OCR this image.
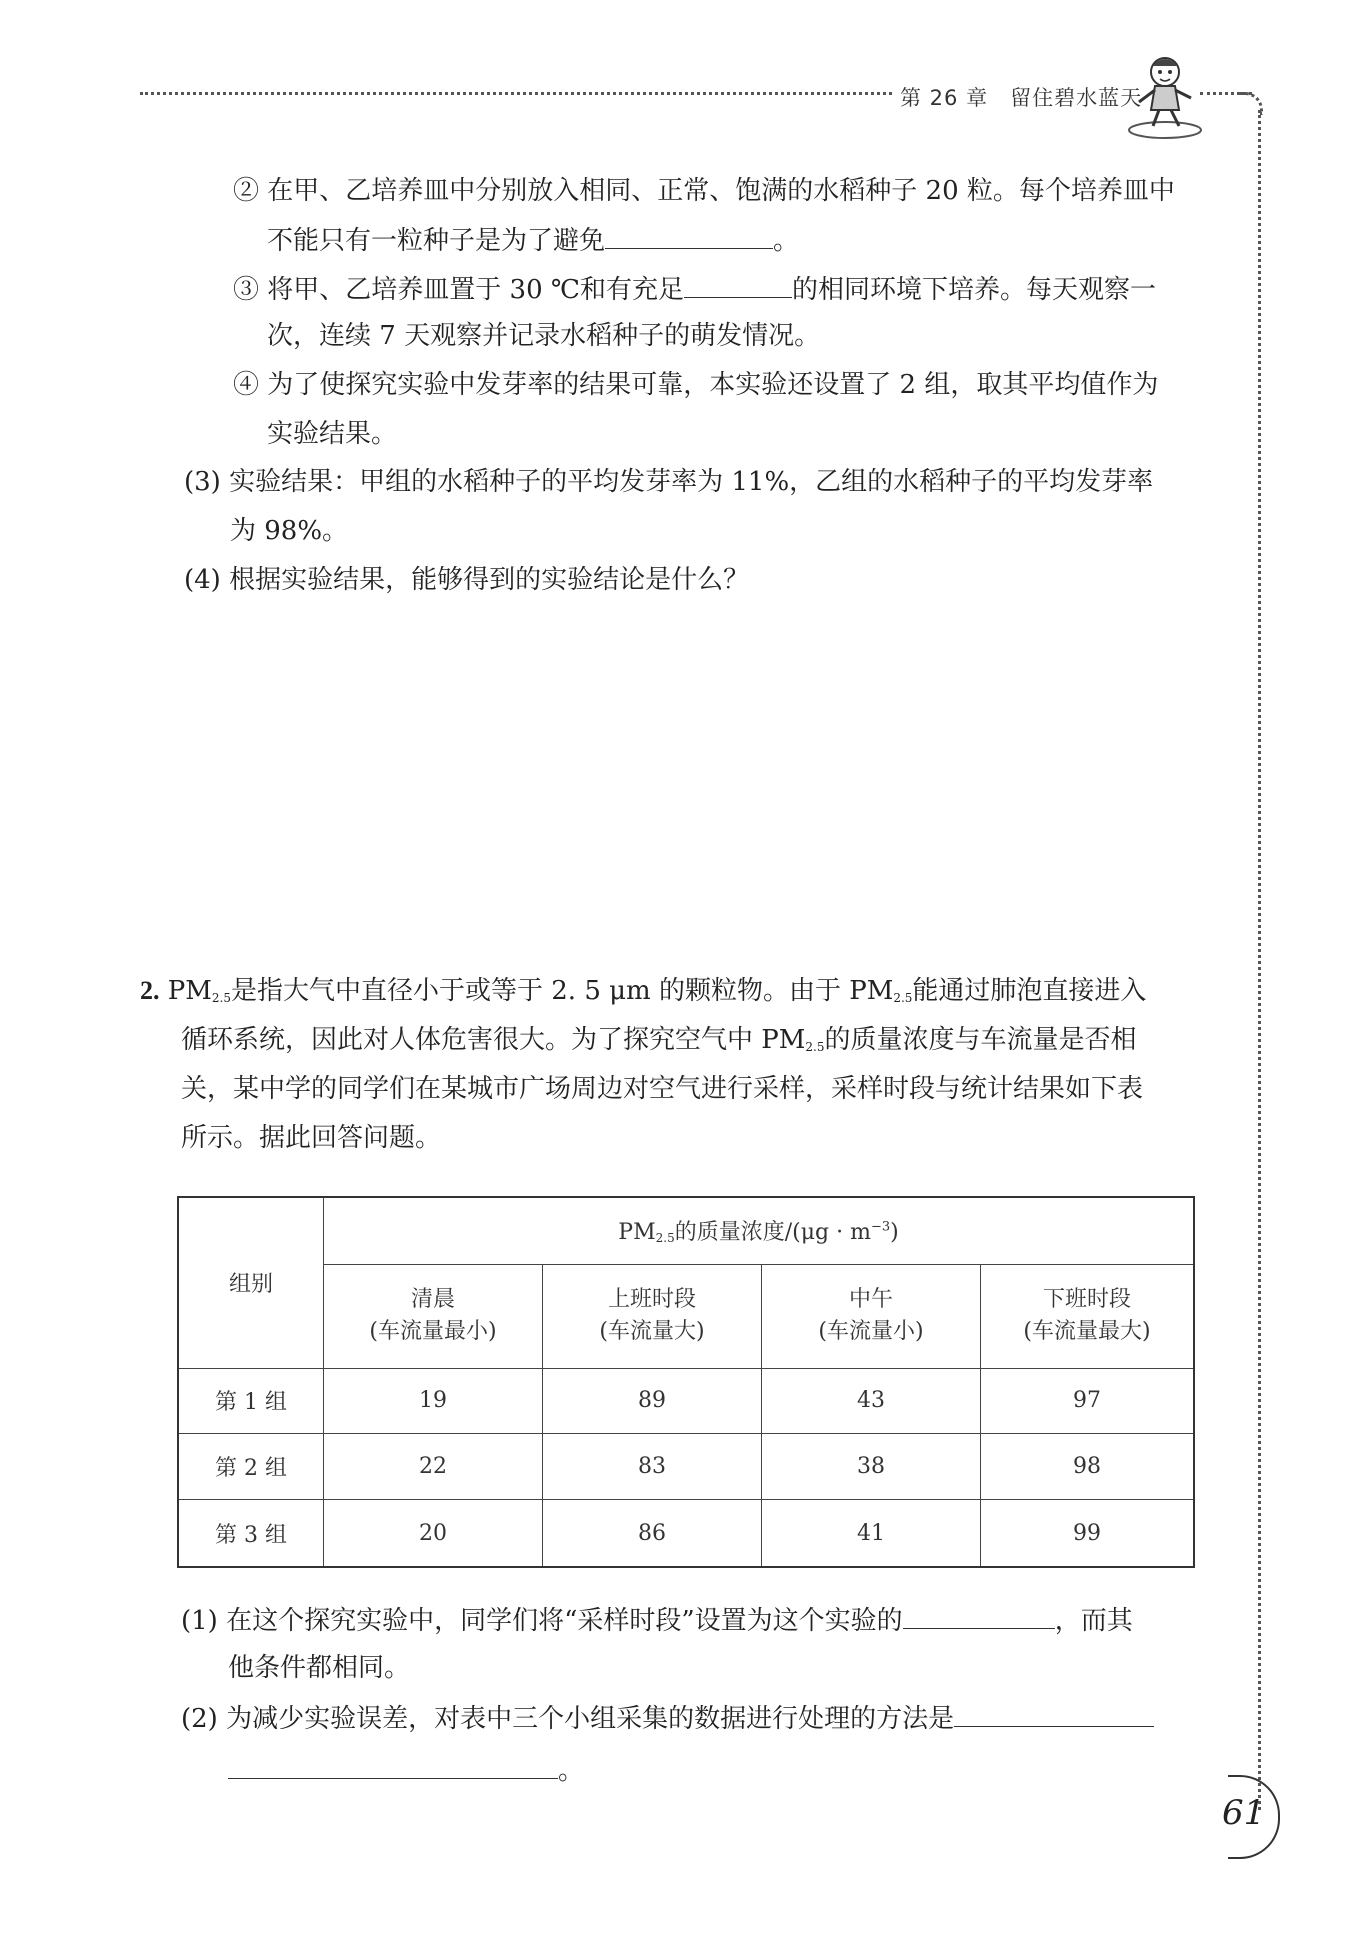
第 26 章 留住碧水蓝天
② 在甲、乙培养皿中分别放入相同、正常、饱满的水稻种子 20 粒。每个培养皿中
不能只有一粒种子是为了避免	。
③ 将甲、乙培养皿置于 30 ℃和有充足	的相同环境下培养。每天观察一
次，连续 7 天观察并记录水稻种子的萌发情况。
④ 为了使探究实验中发芽率的结果可靠，本实验还设置了 2 组，取其平均值作为
实验结果。
(3) 实验结果：甲组的水稻种子的平均发芽率为 11%，乙组的水稻种子的平均发芽率
为 98%。
(4) 根据实验结果，能够得到的实验结论是什么？
2. $PM_{2.5}$是指大气中直径小于或等于 2. 5 μm 的颗粒物。由于 $PM_{2.5}$能通过肺泡直接进入
循环系统，因此对人体危害很大。为了探究空气中 $PM_{2.5}$的质量浓度与车流量是否相
关，某中学的同学们在某城市广场周边对空气进行采样，采样时段与统计结果如下表
所示。据此回答问题。
组别	$PM_{2.5}$的质量浓度$/(\mu g \cdot m^{-3})$			

	清晨
(车流量最小)	上班时段
(车流量大)	中午
(车流量小)	下班时段
(车流量最大)

第 1 组	19	89	43	97
第 2 组	22	83	38	98
第 3 组	20	86	41	99
(1) 在这个探究实验中，同学们将“采样时段”设置为这个实验的	，而其
他条件都相同。
(2) 为减少实验误差，对表中三个小组采集的数据进行处理的方法是
。
61
